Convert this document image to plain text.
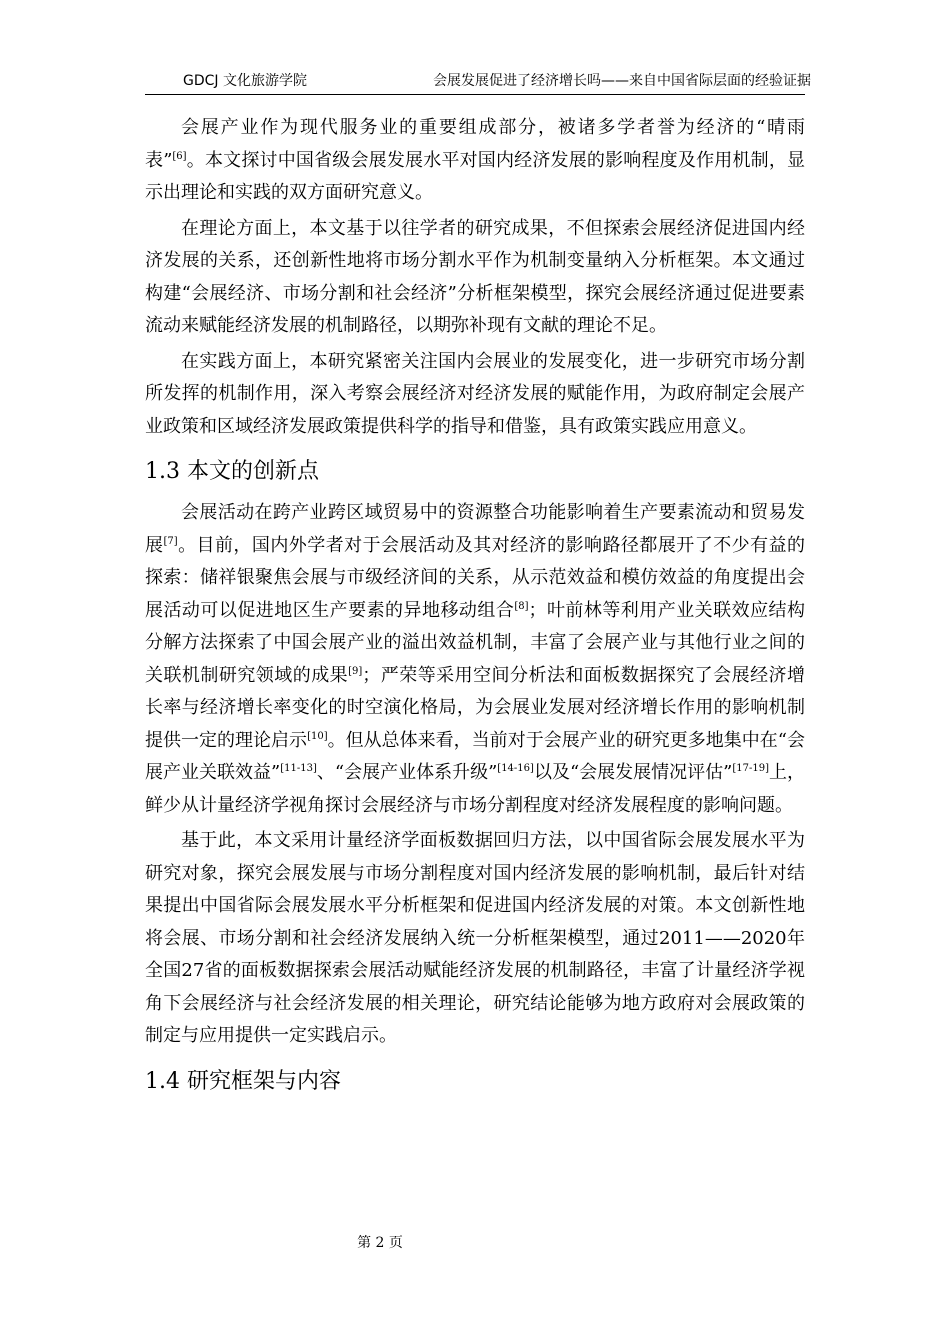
GDCJ 文化旅游学院	会展发展促进了经济增长吗——来自中国省际层面的经验证据

会展产业作为现代服务业的重要组成部分，被诸多学者誉为经济的“晴雨表”[6]。本文探讨中国省级会展发展水平对国内经济发展的影响程度及作用机制，显示出理论和实践的双方面研究意义。

在理论方面上，本文基于以往学者的研究成果，不但探索会展经济促进国内经济发展的关系，还创新性地将市场分割水平作为机制变量纳入分析框架。本文通过构建“会展经济、市场分割和社会经济”分析框架模型，探究会展经济通过促进要素流动来赋能经济发展的机制路径，以期弥补现有文献的理论不足。

在实践方面上，本研究紧密关注国内会展业的发展变化，进一步研究市场分割所发挥的机制作用，深入考察会展经济对经济发展的赋能作用，为政府制定会展产业政策和区域经济发展政策提供科学的指导和借鉴，具有政策实践应用意义。

1.3 本文的创新点

会展活动在跨产业跨区域贸易中的资源整合功能影响着生产要素流动和贸易发展[7]。目前，国内外学者对于会展活动及其对经济的影响路径都展开了不少有益的探索：储祥银聚焦会展与市级经济间的关系，从示范效益和模仿效益的角度提出会展活动可以促进地区生产要素的异地移动组合[8]；叶前林等利用产业关联效应结构分解方法探索了中国会展产业的溢出效益机制，丰富了会展产业与其他行业之间的关联机制研究领域的成果[9]；严荣等采用空间分析法和面板数据探究了会展经济增长率与经济增长率变化的时空演化格局，为会展业发展对经济增长作用的影响机制提供一定的理论启示[10]。但从总体来看，当前对于会展产业的研究更多地集中在“会展产业关联效益”[11-13]、“会展产业体系升级”[14-16]以及“会展发展情况评估”[17-19]上，鲜少从计量经济学视角探讨会展经济与市场分割程度对经济发展程度的影响问题。

基于此，本文采用计量经济学面板数据回归方法，以中国省际会展发展水平为研究对象，探究会展发展与市场分割程度对国内经济发展的影响机制，最后针对结果提出中国省际会展发展水平分析框架和促进国内经济发展的对策。本文创新性地将会展、市场分割和社会经济发展纳入统一分析框架模型，通过2011——2020年全国27省的面板数据探索会展活动赋能经济发展的机制路径，丰富了计量经济学视角下会展经济与社会经济发展的相关理论，研究结论能够为地方政府对会展政策的制定与应用提供一定实践启示。

1.4 研究框架与内容
第 2 页
